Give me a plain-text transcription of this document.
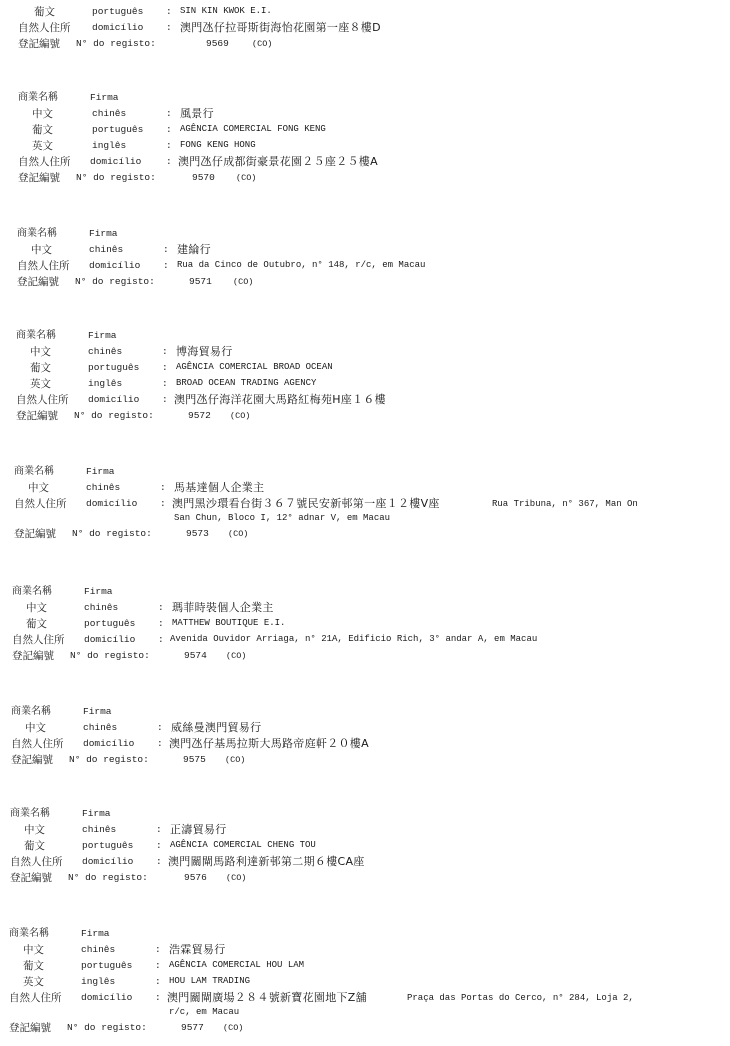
葡文	português : SIN KIN KWOK E.I.
自然人住所 domicílio : 澳門氹仔拉哥斯街海怡花園第一座８樓D
登記編號 N° do registo:	9569	(CO)
商業名稱	Firma
中文	chinês	: 風景行
葡文	português : AGÊNCIA COMERCIAL FONG KENG
英文	inglês	: FONG KENG HONG
自然人住所 domicílio	: 澳門氹仔成都街豪景花園２５座２５樓A
登記編號 N° do registo:	9570 (CO)
商業名稱	Firma
中文	chinês	: 建綸行
自然人住所 domicílio : Rua da Cinco de Outubro, n° 148, r/c, em Macau
登記編號 N° do registo:	9571 (CO)
商業名稱	Firma
中文	chinês	: 博海貿易行
葡文	português : AGÊNCIA COMERCIAL BROAD OCEAN
英文	inglês	: BROAD OCEAN TRADING AGENCY
自然人住所 domicílio : 澳門氹仔海洋花園大馬路紅梅苑H座１６樓
登記編號 N° do registo:	9572 (CO)
商業名稱	Firma
中文	chinês	: 馬基達個人企業主
自然人住所 domicílio : 澳門黑沙環看台街３６７號民安新邨第一座１２樓V座	Rua Tribuna, n° 367, Man On
San Chun, Bloco I, 12° adnar V, em Macau
登記編號 N° do registo:	9573 (CO)
商業名稱	Firma
中文	chinês	: 瑪菲時裝個人企業主
葡文	português : MATTHEW BOUTIQUE E.I.
自然人住所 domicílio : Avenida Ouvidor Arriaga, n° 21A, Edificio Rich, 3° andar A, em Macau
登記編號 N° do registo:	9574 (CO)
商業名稱	Firma
中文	chinês	: 威絲曼澳門貿易行
自然人住所 domicílio : 澳門氹仔基馬拉斯大馬路帝庭軒２０樓A
登記編號 N° do registo:	9575 (CO)
商業名稱	Firma
中文	chinês	: 正濤貿易行
葡文	português : AGÊNCIA COMERCIAL CHENG TOU
自然人住所 domicílio : 澳門關閘馬路利達新邨第二期６樓CA座
登記編號 N° do registo:	9576 (CO)
商業名稱	Firma
中文	chinês	: 浩霖貿易行
葡文	português : AGÊNCIA COMERCIAL HOU LAM
英文	inglês	: HOU LAM TRADING
自然人住所 domicílio : 澳門關閘廣場２８４號新寶花園地下Z舖	Praça das Portas do Cerco, n° 284, Loja 2,
r/c, em Macau
登記編號 N° do registo:	9577 (CO)
